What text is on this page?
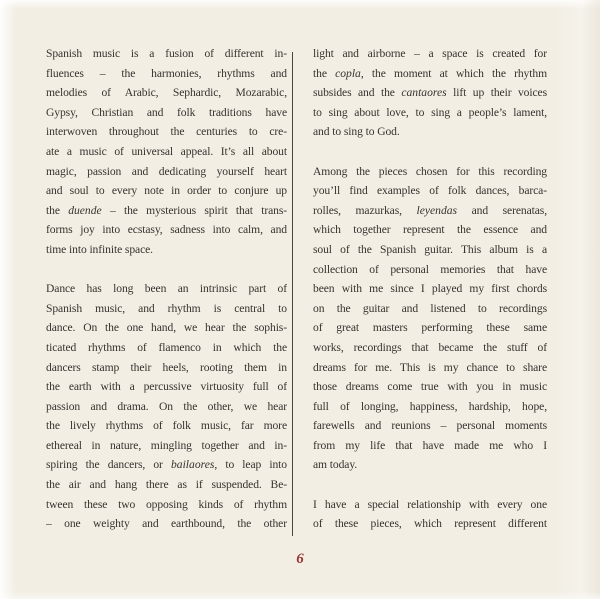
Spanish music is a fusion of different in-
fluences – the harmonies, rhythms and
melodies of Arabic, Sephardic, Mozarabic,
Gypsy, Christian and folk traditions have
interwoven throughout the centuries to cre-
ate a music of universal appeal. It’s all about
magic, passion and dedicating yourself heart
and soul to every note in order to conjure up
the duende – the mysterious spirit that trans-
forms joy into ecstasy, sadness into calm, and
time into infinite space.
Dance has long been an intrinsic part of
Spanish music, and rhythm is central to
dance. On the one hand, we hear the sophis-
ticated rhythms of flamenco in which the
dancers stamp their heels, rooting them in
the earth with a percussive virtuosity full of
passion and drama. On the other, we hear
the lively rhythms of folk music, far more
ethereal in nature, mingling together and in-
spiring the dancers, or bailaores, to leap into
the air and hang there as if suspended. Be-
tween these two opposing kinds of rhythm
– one weighty and earthbound, the other
light and airborne – a space is created for
the copla, the moment at which the rhythm
subsides and the cantaores lift up their voices
to sing about love, to sing a people’s lament,
and to sing to God.
Among the pieces chosen for this recording
you’ll find examples of folk dances, barca-
rolles, mazurkas, leyendas and serenatas,
which together represent the essence and
soul of the Spanish guitar. This album is a
collection of personal memories that have
been with me since I played my first chords
on the guitar and listened to recordings
of great masters performing these same
works, recordings that became the stuff of
dreams for me. This is my chance to share
those dreams come true with you in music
full of longing, happiness, hardship, hope,
farewells and reunions – personal moments
from my life that have made me who I
am today.
I have a special relationship with every one
of these pieces, which represent different
6
